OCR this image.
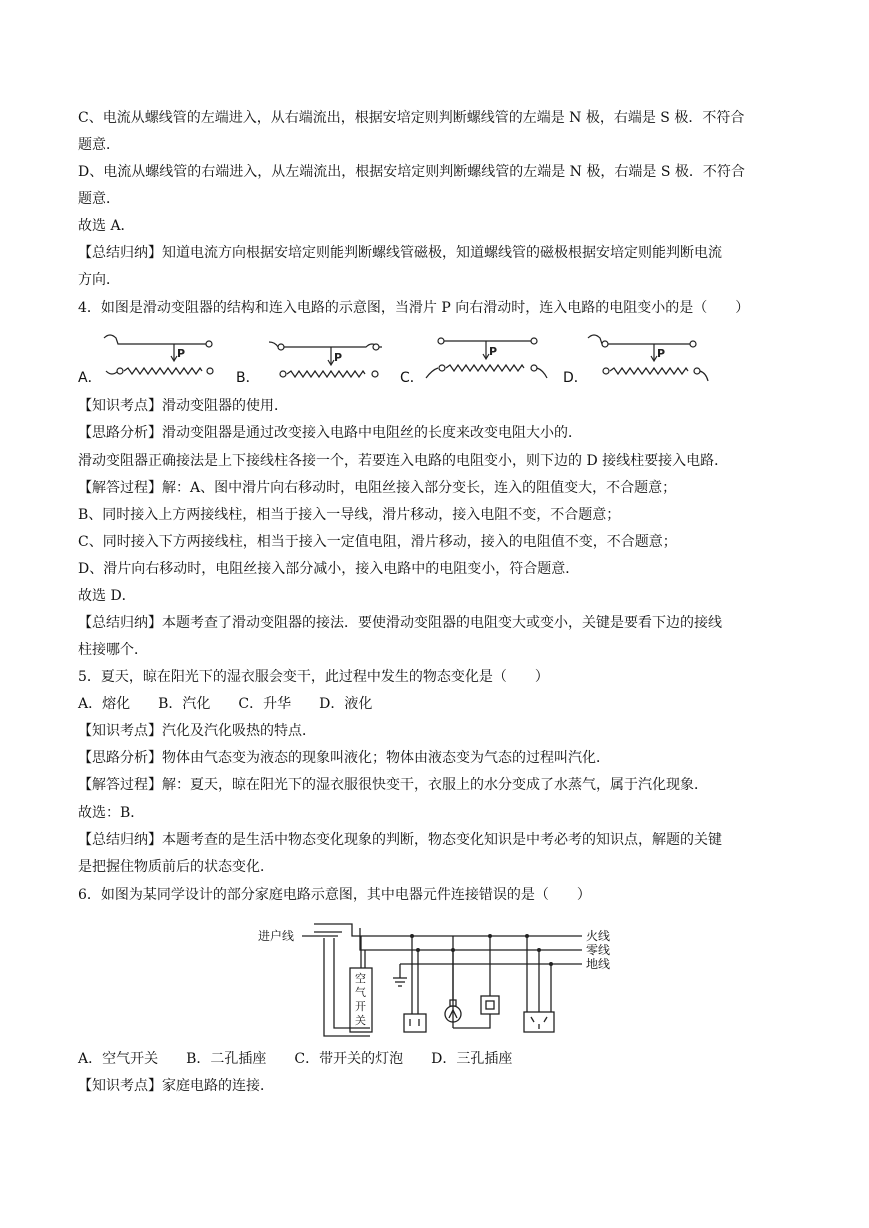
C、电流从螺线管的左端进入，从右端流出，根据安培定则判断螺线管的左端是 N 极，右端是 S 极．不符合
题意．
D、电流从螺线管的右端进入，从左端流出，根据安培定则判断螺线管的左端是 N 极，右端是 S 极．不符合
题意．
故选 A．
【总结归纳】知道电流方向根据安培定则能判断螺线管磁极，知道螺线管的磁极根据安培定则能判断电流
方向．
4．如图是滑动变阻器的结构和连入电路的示意图，当滑片 P 向右滑动时，连入电路的电阻变小的是（　　）
P	P	P	P
A．	B．	C．	D．
【知识考点】滑动变阻器的使用．
【思路分析】滑动变阻器是通过改变接入电路中电阻丝的长度来改变电阻大小的．
滑动变阻器正确接法是上下接线柱各接一个，若要连入电路的电阻变小，则下边的 D 接线柱要接入电路．
【解答过程】解：A、图中滑片向右移动时，电阻丝接入部分变长，连入的阻值变大，不合题意；
B、同时接入上方两接线柱，相当于接入一导线，滑片移动，接入电阻不变，不合题意；
C、同时接入下方两接线柱，相当于接入一定值电阻，滑片移动，接入的电阻值不变，不合题意；
D、滑片向右移动时，电阻丝接入部分减小，接入电路中的电阻变小，符合题意．
故选 D．
【总结归纳】本题考查了滑动变阻器的接法．要使滑动变阻器的电阻变大或变小，关键是要看下边的接线
柱接哪个．
5．夏天，晾在阳光下的湿衣服会变干，此过程中发生的物态变化是（　　）
A．熔化　　B．汽化　　C．升华　　D．液化
【知识考点】汽化及汽化吸热的特点．
【思路分析】物体由气态变为液态的现象叫液化；物体由液态变为气态的过程叫汽化．
【解答过程】解：夏天，晾在阳光下的湿衣服很快变干，衣服上的水分变成了水蒸气，属于汽化现象．
故选：B．
【总结归纳】本题考查的是生活中物态变化现象的判断，物态变化知识是中考必考的知识点，解题的关键
是把握住物质前后的状态变化．
6．如图为某同学设计的部分家庭电路示意图，其中电器元件连接错误的是（　　）
进户线	火线
零线
地线
空
气
开
关
A．空气开关　　B．二孔插座　　C．带开关的灯泡　　D．三孔插座
【知识考点】家庭电路的连接．
